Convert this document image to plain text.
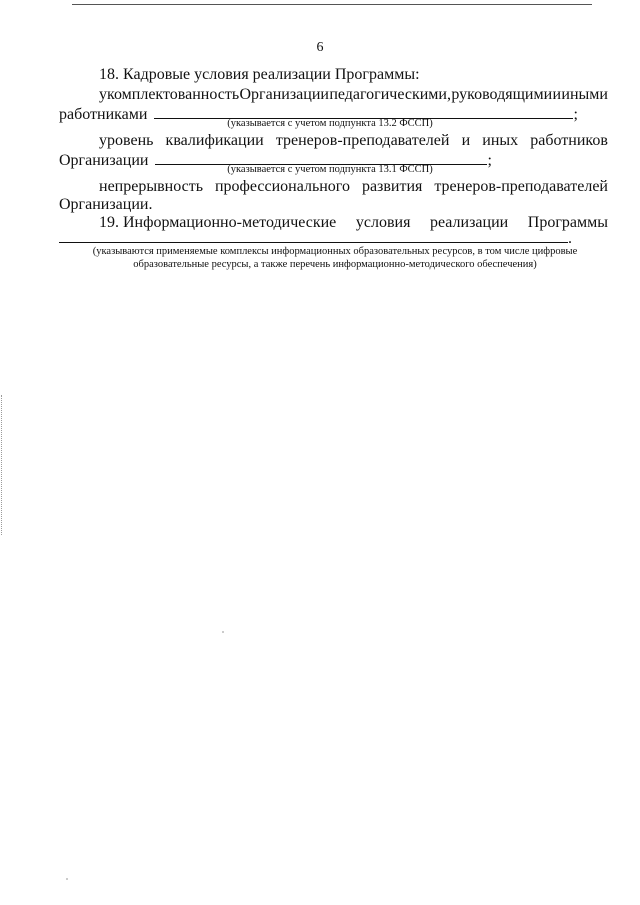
6
18. Кадровые условия реализации Программы:
укомплектованность Организации педагогическими, руководящими и иными
работниками	;
(указывается с учетом подпункта 13.2 ФССП)
уровень квалификации тренеров-преподавателей и иных работников
Организации	;
(указывается с учетом подпункта 13.1 ФССП)
непрерывность профессионального развития тренеров-преподавателей
Организации.
19. Информационно-методические условия реализации Программы
.
(указываются применяемые комплексы информационных образовательных ресурсов, в том числе цифровые
образовательные ресурсы, а также перечень информационно-методического обеспечения)
